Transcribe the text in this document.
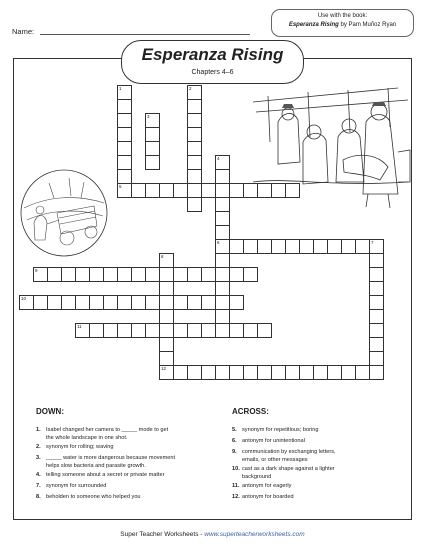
Name:
Use with the book:
Esperanza Rising by Pam Muñoz Ryan
Esperanza Rising
Chapters 4–6
1	2
3
4
5
6	7
8
9
10
11
12
DOWN:	ACROSS:
1. Isabel changed her camera to _____ mode to get
the whole landscape in one shot.
2. synonym for rolling; waving
3. _____ water is more dangerous because movement
helps slow bacteria and parasite growth.
4. telling someone about a secret or private matter
7. synonym for surrounded
8. beholden to someone who helped you
5. synonym for repetitious; boring
6. antonym for unintentional
9. communication by exchanging letters,
emails, or other messages
10. cast as a dark shape against a lighter
background
11. antonym for eagerly
12. antonym for boarded
Super Teacher Worksheets - www.superteacherworksheets.com
